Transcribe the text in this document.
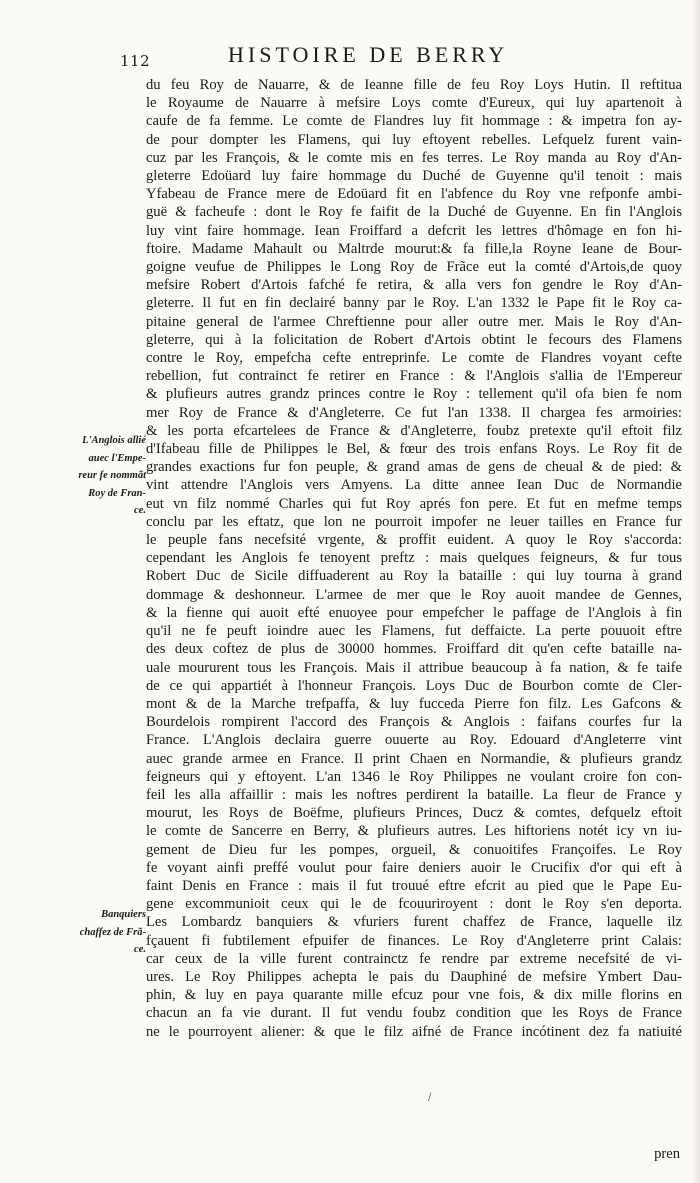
112	HISTOIRE DE BERRY
L'Anglois allié
auec l'Empe-
reur fe nommãt
Roy de Fran-
ce.
Banquiers
chaffez de Frã-
ce.
du feu Roy de Nauarre, & de Ieanne fille de feu Roy Loys Hutin. Il reftitua
le Royaume de Nauarre à mefsire Loys comte d'Eureux, qui luy apartenoit à
caufe de fa femme. Le comte de Flandres luy fit hommage : & impetra fon ay-
de pour dompter les Flamens, qui luy eftoyent rebelles. Lefquelz furent vain-
cuz par les François, & le comte mis en fes terres. Le Roy manda au Roy d'An-
gleterre Edoüard luy faire hommage du Duché de Guyenne qu'il tenoit : mais
Yfabeau de France mere de Edoüard fit en l'abfence du Roy vne refponfe ambi-
guë & facheufe : dont le Roy fe faifit de la Duché de Guyenne. En fin l'Anglois
luy vint faire hommage. Iean Froiffard a defcrit les lettres d'hômage en fon hi-
ftoire. Madame Mahault ou Maltrde mourut:& fa fille,la Royne Ieane de Bour-
goigne veufue de Philippes le Long Roy de Frãce eut la comté d'Artois,de quoy
mefsire Robert d'Artois fafché fe retira, & alla vers fon gendre le Roy d'An-
gleterre. Il fut en fin declairé banny par le Roy. L'an 1332 le Pape fit le Roy ca-
pitaine general de l'armee Chreftienne pour aller outre mer. Mais le Roy d'An-
gleterre, qui à la folicitation de Robert d'Artois obtint le fecours des Flamens
contre le Roy, empefcha cefte entreprinfe. Le comte de Flandres voyant cefte
rebellion, fut contrainct fe retirer en France : & l'Anglois s'allia de l'Empereur
& plufieurs autres grandz princes contre le Roy : tellement qu'il ofa bien fe nom
mer Roy de France & d'Angleterre. Ce fut l'an 1338. Il chargea fes armoiries:
& les porta efcartelees de France & d'Angleterre, foubz pretexte qu'il eftoit filz
d'Ifabeau fille de Philippes le Bel, & fœur des trois enfans Roys. Le Roy fit de
grandes exactions fur fon peuple, & grand amas de gens de cheual & de pied: &
vint attendre l'Anglois vers Amyens. La ditte annee Iean Duc de Normandie
eut vn filz nommé Charles qui fut Roy aprés fon pere. Et fut en mefme temps
conclu par les eftatz, que lon ne pourroit impofer ne leuer tailles en France fur
le peuple fans necefsité vrgente, & proffit euident. A quoy le Roy s'accorda:
cependant les Anglois fe tenoyent preftz : mais quelques feigneurs, & fur tous
Robert Duc de Sicile diffuaderent au Roy la bataille : qui luy tourna à grand
dommage & deshonneur. L'armee de mer que le Roy auoit mandee de Gennes,
& la fienne qui auoit efté enuoyee pour empefcher le paffage de l'Anglois à fin
qu'il ne fe peuft ioindre auec les Flamens, fut deffaicte. La perte pouuoit eftre
des deux coftez de plus de 30000 hommes. Froiffard dit qu'en cefte bataille na-
uale moururent tous les François. Mais il attribue beaucoup à fa nation, & fe taife
de ce qui appartiét à l'honneur François. Loys Duc de Bourbon comte de Cler-
mont & de la Marche trefpaffa, & luy fucceda Pierre fon filz. Les Gafcons &
Bourdelois rompirent l'accord des François & Anglois : faifans courfes fur la
France. L'Anglois declaira guerre ouuerte au Roy. Edouard d'Angleterre vint
auec grande armee en France. Il print Chaen en Normandie, & plufieurs grandz
feigneurs qui y eftoyent. L'an 1346 le Roy Philippes ne voulant croire fon con-
feil les alla affaillir : mais les noftres perdirent la bataille. La fleur de France y
mourut, les Roys de Boëfme, plufieurs Princes, Ducz & comtes, defquelz eftoit
le comte de Sancerre en Berry, & plufieurs autres. Les hiftoriens notét icy vn iu-
gement de Dieu fur les pompes, orgueil, & conuoitifes Françoifes. Le Roy
fe voyant ainfi preffé voulut pour faire deniers auoir le Crucifix d'or qui eft à
faint Denis en France : mais il fut trouué eftre efcrit au pied que le Pape Eu-
gene excommunioit ceux qui le de fcouuriroyent : dont le Roy s'en deporta.
Les Lombardz banquiers & vfuriers furent chaffez de France, laquelle ilz
fçauent fi fubtilement efpuifer de finances. Le Roy d'Angleterre print Calais:
car ceux de la ville furent contrainctz fe rendre par extreme necefsité de vi-
ures. Le Roy Philippes achepta le pais du Dauphiné de mefsire Ymbert Dau-
phin, & luy en paya quarante mille efcuz pour vne fois, & dix mille florins en
chacun an fa vie durant. Il fut vendu foubz condition que les Roys de France
ne le pourroyent aliener: & que le filz aifné de France incótinent dez fa natiuité
/
pren
